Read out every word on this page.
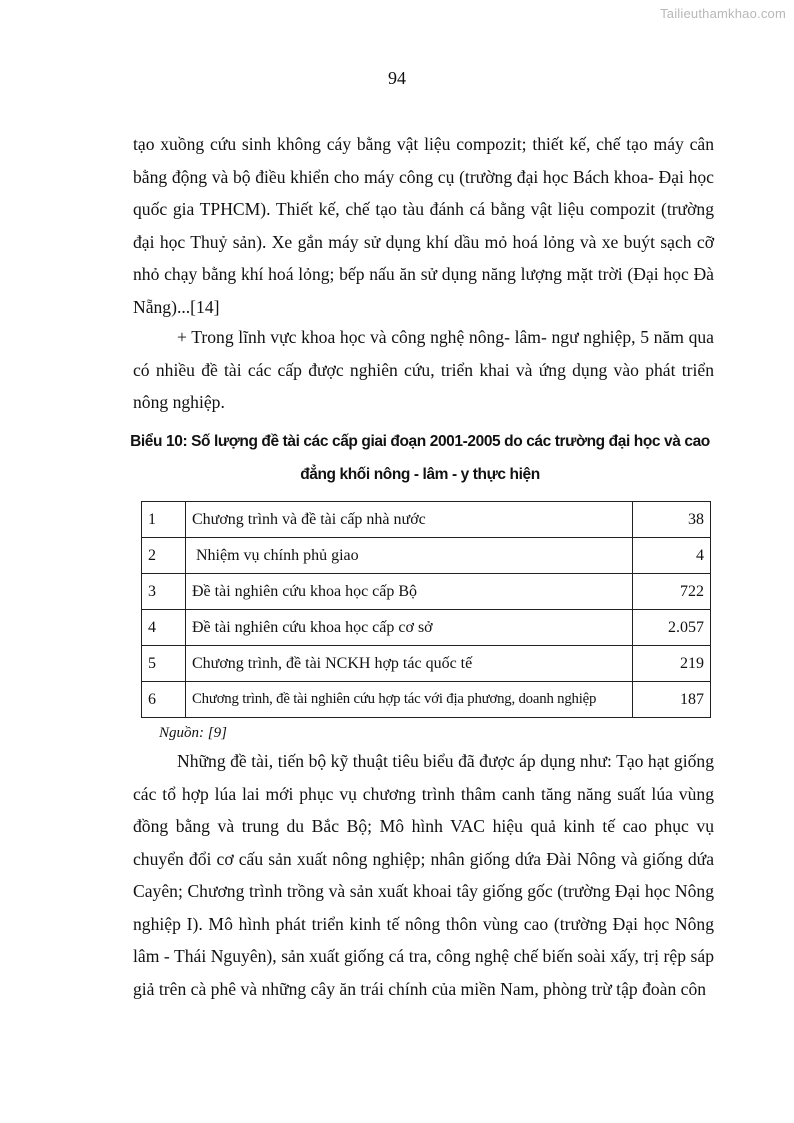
Tailieuthamkhao.com
94
tạo xuồng cứu sinh không cáy bằng vật liệu compozit; thiết kế, chế tạo máy cân bằng động và bộ điều khiển cho máy công cụ (trường đại học Bách khoa- Đại học quốc gia TPHCM). Thiết kế, chế tạo tàu đánh cá bằng vật liệu compozit (trường đại học Thuỷ sản). Xe gắn máy sử dụng khí dầu mỏ hoá lỏng và xe buýt sạch cỡ nhỏ chạy bằng khí hoá lỏng; bếp nấu ăn sử dụng năng lượng mặt trời (Đại học Đà Nẵng)...[14]
+ Trong lĩnh vực khoa học và công nghệ nông- lâm- ngư nghiệp, 5 năm qua có nhiều đề tài các cấp được nghiên cứu, triển khai và ứng dụng vào phát triển nông nghiệp.
Biểu 10: Số lượng đề tài các cấp giai đoạn 2001-2005 do các trường đại học và cao
đẳng khối nông - lâm - y thực hiện
1	Chương trình và đề tài cấp nhà nước	38
2	Nhiệm vụ chính phủ giao	4
3	Đề tài nghiên cứu khoa học cấp Bộ	722
4	Đề tài nghiên cứu khoa học cấp cơ sở	2.057
5	Chương trình, đề tài NCKH hợp tác quốc tế	219
6	Chương trình, đề tài nghiên cứu hợp tác với địa phương, doanh nghiệp	187
Nguồn: [9]
Những đề tài, tiến bộ kỹ thuật tiêu biểu đã được áp dụng như: Tạo hạt giống các tổ hợp lúa lai mới phục vụ chương trình thâm canh tăng năng suất lúa vùng đồng bằng và trung du Bắc Bộ; Mô hình VAC hiệu quả kinh tế cao phục vụ chuyển đổi cơ cấu sản xuất nông nghiệp; nhân giống dứa Đài Nông và giống dứa Cayên; Chương trình trồng và sản xuất khoai tây giống gốc (trường Đại học Nông nghiệp I). Mô hình phát triển kinh tế nông thôn vùng cao (trường Đại học Nông lâm - Thái Nguyên), sản xuất giống cá tra, công nghệ chế biến soài xấy, trị rệp sáp giả trên cà phê và những cây ăn trái chính của miền Nam, phòng trừ tập đoàn côn
